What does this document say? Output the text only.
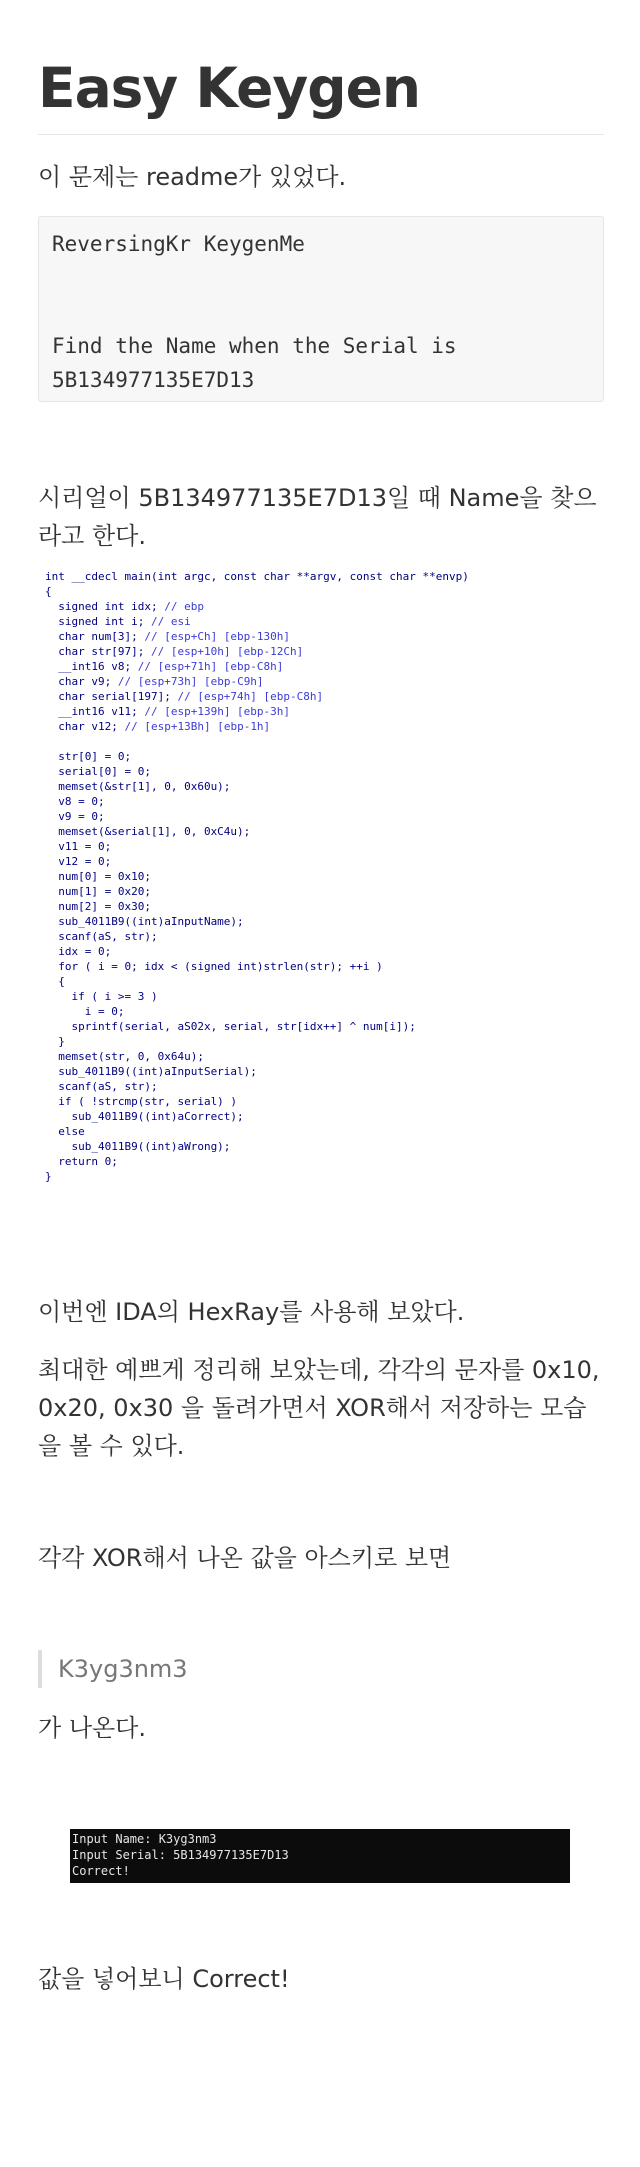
Easy Keygen

이 문제는 readme가 있었다.

ReversingKr KeygenMe

Find the Name when the Serial is
5B134977135E7D13

시리얼이 5B134977135E7D13일 때 Name을 찾으라고 한다.

int __cdecl main(int argc, const char **argv, const char **envp)
{
signed int idx; // ebp
signed int i; // esi
char num[3]; // [esp+Ch] [ebp-130h]
char str[97]; // [esp+10h] [ebp-12Ch]
__int16 v8; // [esp+71h] [ebp-C8h]
char v9; // [esp+73h] [ebp-C9h]
char serial[197]; // [esp+74h] [ebp-C8h]
__int16 v11; // [esp+139h] [ebp-3h]
char v12; // [esp+13Bh] [ebp-1h]
str[0] = 0;
serial[0] = 0;
memset(&str[1], 0, 0x60u);
v8 = 0;
v9 = 0;
memset(&serial[1], 0, 0xC4u);
v11 = 0;
v12 = 0;
num[0] = 0x10;
num[1] = 0x20;
num[2] = 0x30;
sub_4011B9((int)aInputName);
scanf(aS, str);
idx = 0;
for ( i = 0; idx < (signed int)strlen(str); ++i )
{
if ( i >= 3 )
i = 0;
sprintf(serial, aS02x, serial, str[idx++] ^ num[i]);
}
memset(str, 0, 0x64u);
sub_4011B9((int)aInputSerial);
scanf(aS, str);
if ( !strcmp(str, serial) )
sub_4011B9((int)aCorrect);
else
sub_4011B9((int)aWrong);
return 0;
}

이번엔 IDA의 HexRay를 사용해 보았다.

최대한 예쁘게 정리해 보았는데, 각각의 문자를 0x10, 0x20, 0x30 을 돌려가면서 XOR해서 저장하는 모습을 볼 수 있다.

각각 XOR해서 나온 값을 아스키로 보면

K3yg3nm3

가 나온다.

Input Name: K3yg3nm3
Input Serial: 5B134977135E7D13
Correct!

값을 넣어보니 Correct!
